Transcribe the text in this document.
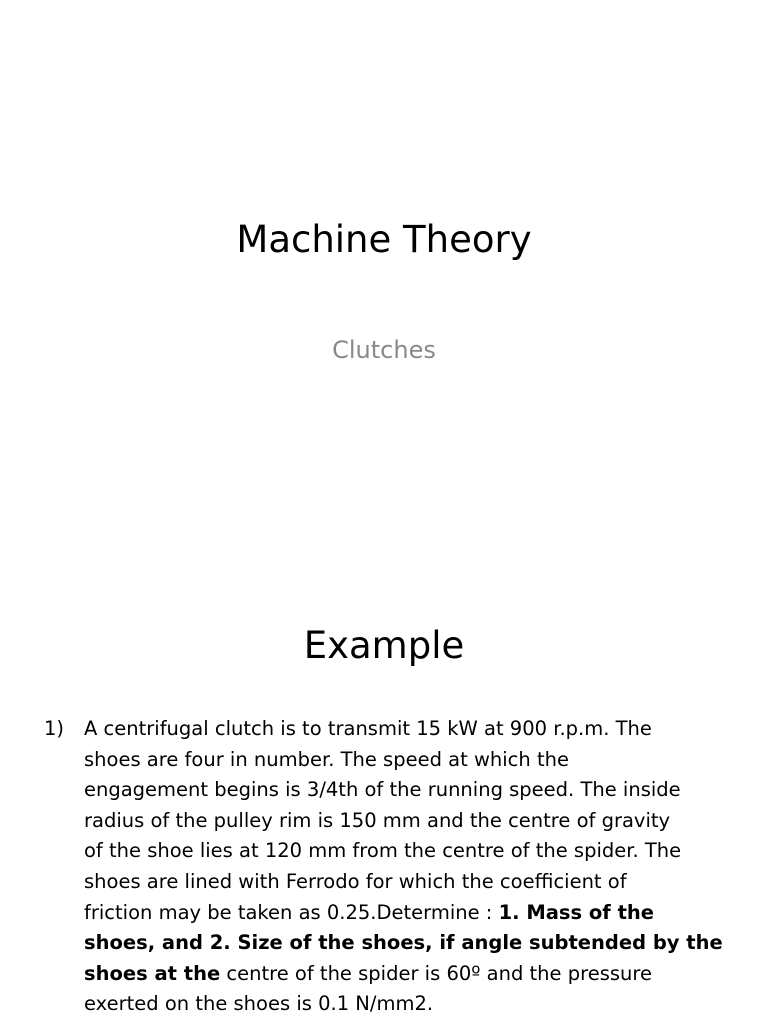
Machine Theory
Clutches
Example
1)	A centrifugal clutch is to transmit 15 kW at 900 r.p.m. The
shoes are four in number. The speed at which the
engagement begins is 3/4th of the running speed. The inside
radius of the pulley rim is 150 mm and the centre of gravity
of the shoe lies at 120 mm from the centre of the spider. The
shoes are lined with Ferrodo for which the coefficient of
friction may be taken as 0.25.Determine : 1. Mass of the
shoes, and 2. Size of the shoes, if angle subtended by the
shoes at the centre of the spider is 60º and the pressure
exerted on the shoes is 0.1 N/mm2.
